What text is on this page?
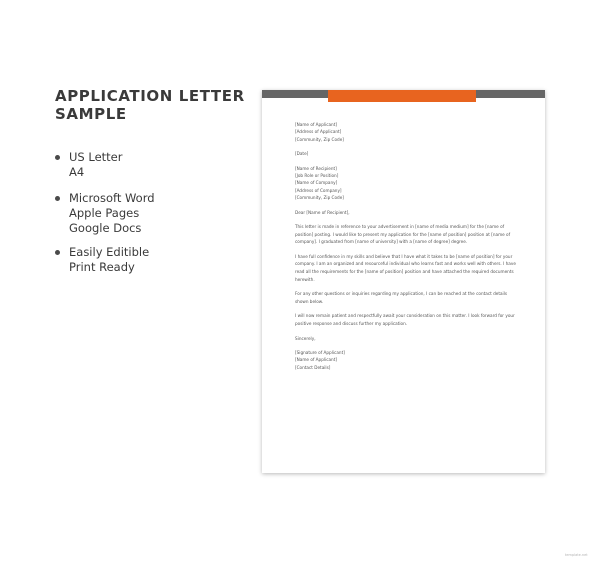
APPLICATION LETTER SAMPLE
US Letter
A4
Microsoft Word
Apple Pages
Google Docs
Easily Editible
Print Ready
[Name of Applicant]
[Address of Applicant]
[Community, Zip Code]
[Date]
[Name of Recipient]
[Job Role or Position]
[Name of Company]
[Address of Company]
[Community, Zip Code]
Dear [Name of Recipient],
This letter is made in reference to your advertisement in [name of media medium] for the [name of position] posting. I would like to present my application for the [name of position] position at [name of company]. I graduated from [name of university] with a [name of degree] degree.
I have full confidence in my skills and believe that I have what it takes to be [name of position] for your company. I am an organized and resourceful individual who learns fast and works well with others. I have read all the requirements for the [name of position] position and have attached the required documents herewith.
For any other questions or inquiries regarding my application, I can be reached at the contact details shown below.
I will now remain patient and respectfully await your consideration on this matter. I look forward for your positive response and discuss further my application.
Sincerely,
[Signature of Applicant]
[Name of Applicant]
[Contact Details]
template.net
